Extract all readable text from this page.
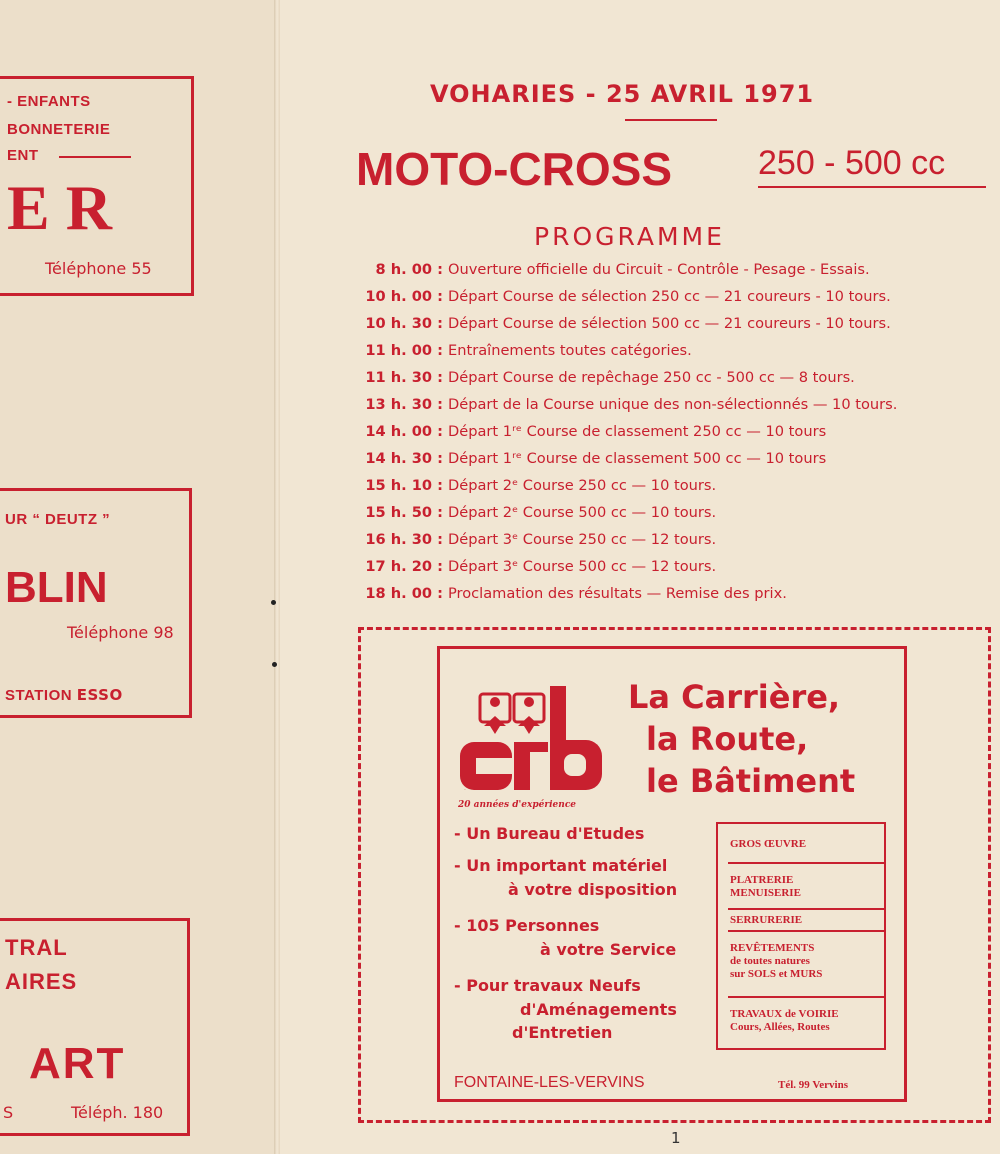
- ENFANTS
BONNETERIE
ENT
E R
Téléphone 55
UR “ DEUTZ ”
BLIN
Téléphone 98
STATION ESSO
TRAL
AIRES
ART
S	Téléph. 180
VOHARIES - 25 AVRIL 1971
MOTO-CROSS	250 - 500 cc
PROGRAMME
8 h. 00 : Ouverture officielle du Circuit - Contrôle - Pesage - Essais.
10 h. 00 : Départ Course de sélection 250 cc — 21 coureurs - 10 tours.
10 h. 30 : Départ Course de sélection 500 cc — 21 coureurs - 10 tours.
11 h. 00 : Entraînements toutes catégories.
11 h. 30 : Départ Course de repêchage 250 cc - 500 cc — 8 tours.
13 h. 30 : Départ de la Course unique des non-sélectionnés — 10 tours.
14 h. 00 : Départ 1ʳᵉ Course de classement 250 cc — 10 tours
14 h. 30 : Départ 1ʳᵉ Course de classement 500 cc — 10 tours
15 h. 10 : Départ 2ᵉ Course 250 cc — 10 tours.
15 h. 50 : Départ 2ᵉ Course 500 cc — 10 tours.
16 h. 30 : Départ 3ᵉ Course 250 cc — 12 tours.
17 h. 20 : Départ 3ᵉ Course 500 cc — 12 tours.
18 h. 00 : Proclamation des résultats — Remise des prix.
crb
20 années d'expérience
La Carrière,
la Route,
le Bâtiment
- Un Bureau d'Etudes
- Un important matériel
à votre disposition
- 105 Personnes
à votre Service
- Pour travaux Neufs
d'Aménagements
d'Entretien
GROS ŒUVRE
PLATRERIE
MENUISERIE
SERRURERIE
REVÊTEMENTS
de toutes natures
sur SOLS et MURS
TRAVAUX de VOIRIE
Cours, Allées, Routes
FONTAINE-LES-VERVINS	Tél. 99 Vervins
1
